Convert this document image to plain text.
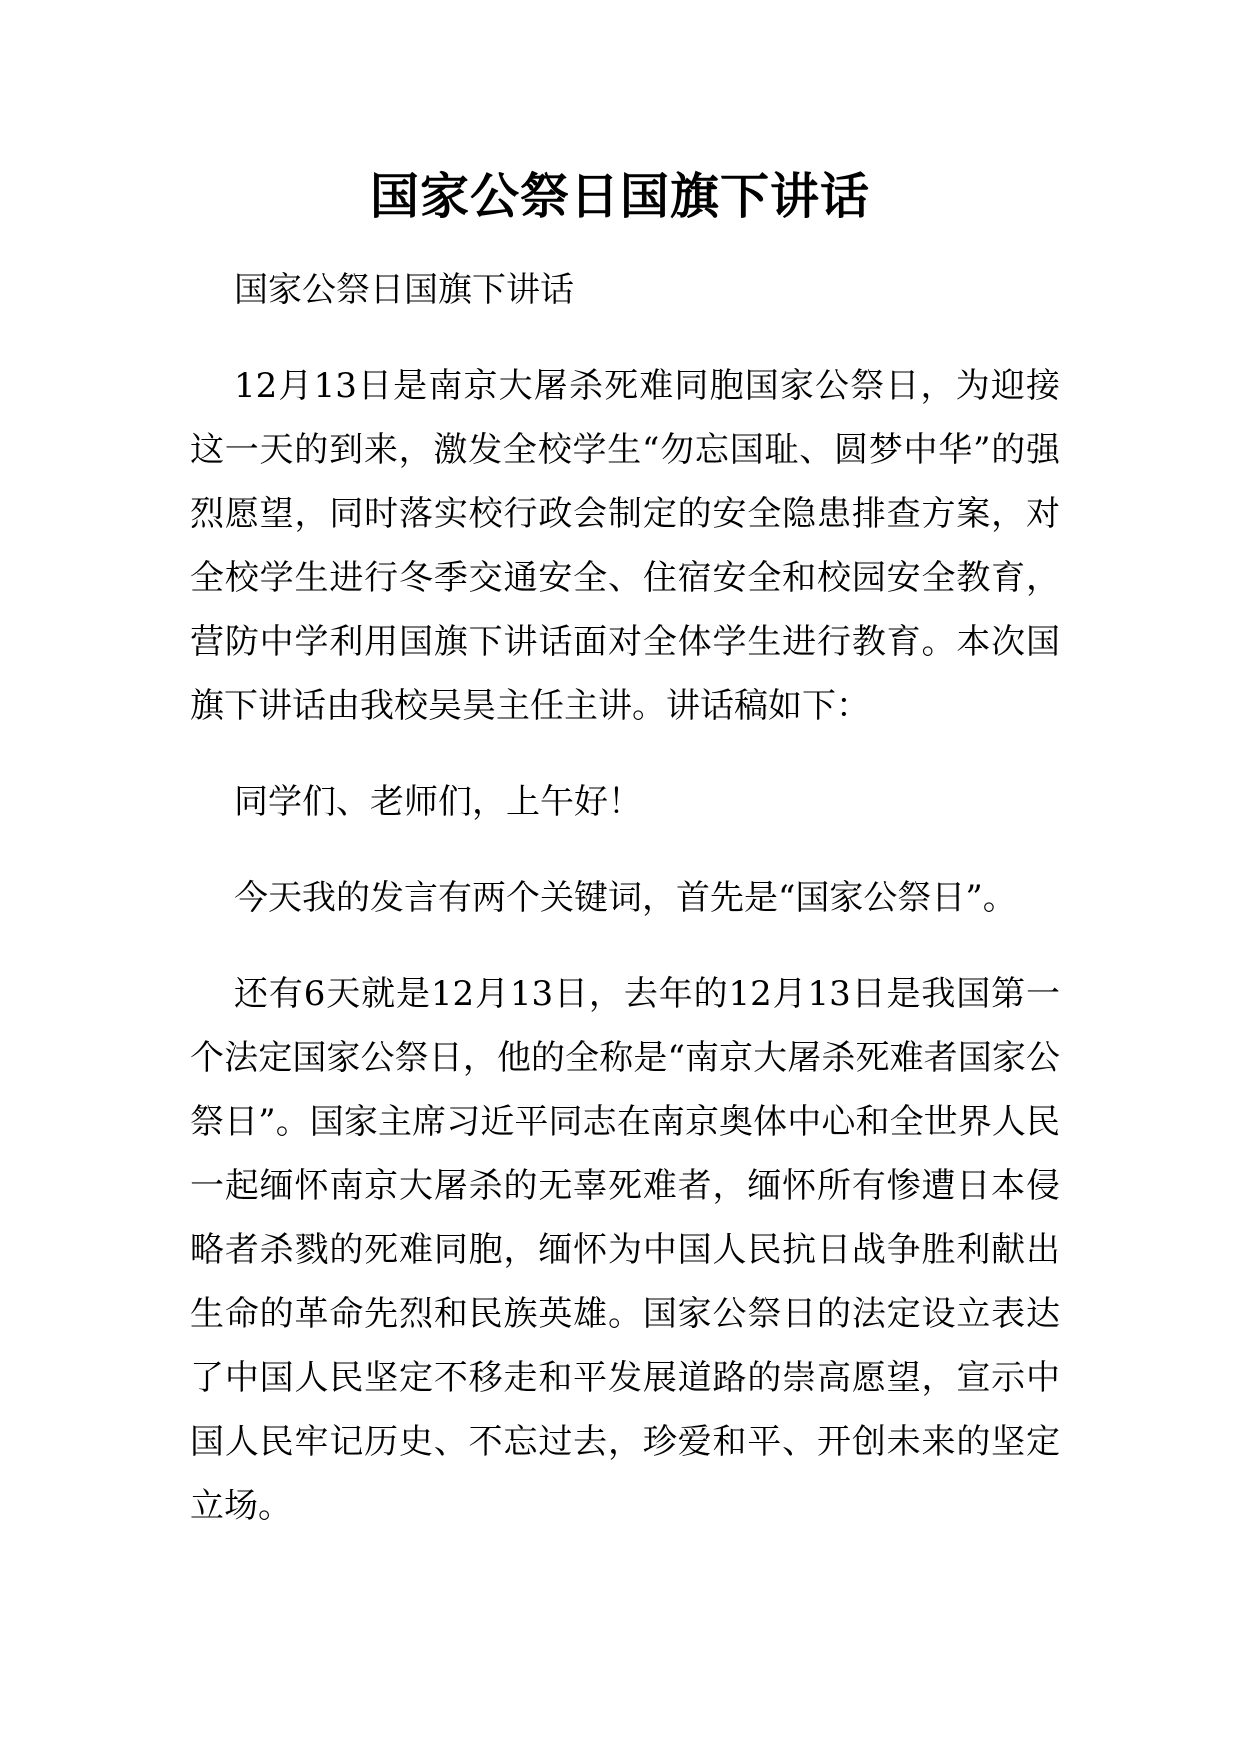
国家公祭日国旗下讲话

国家公祭日国旗下讲话

12月13日是南京大屠杀死难同胞国家公祭日，为迎接这一天的到来，激发全校学生“勿忘国耻、圆梦中华”的强烈愿望，同时落实校行政会制定的安全隐患排查方案，对全校学生进行冬季交通安全、住宿安全和校园安全教育，营防中学利用国旗下讲话面对全体学生进行教育。本次国旗下讲话由我校吴昊主任主讲。讲话稿如下：

同学们、老师们，上午好！

今天我的发言有两个关键词，首先是“国家公祭日”。

还有6天就是12月13日，去年的12月13日是我国第一个法定国家公祭日，他的全称是“南京大屠杀死难者国家公祭日”。国家主席习近平同志在南京奥体中心和全世界人民一起缅怀南京大屠杀的无辜死难者，缅怀所有惨遭日本侵略者杀戮的死难同胞，缅怀为中国人民抗日战争胜利献出生命的革命先烈和民族英雄。国家公祭日的法定设立表达了中国人民坚定不移走和平发展道路的崇高愿望，宣示中国人民牢记历史、不忘过去，珍爱和平、开创未来的坚定立场。
